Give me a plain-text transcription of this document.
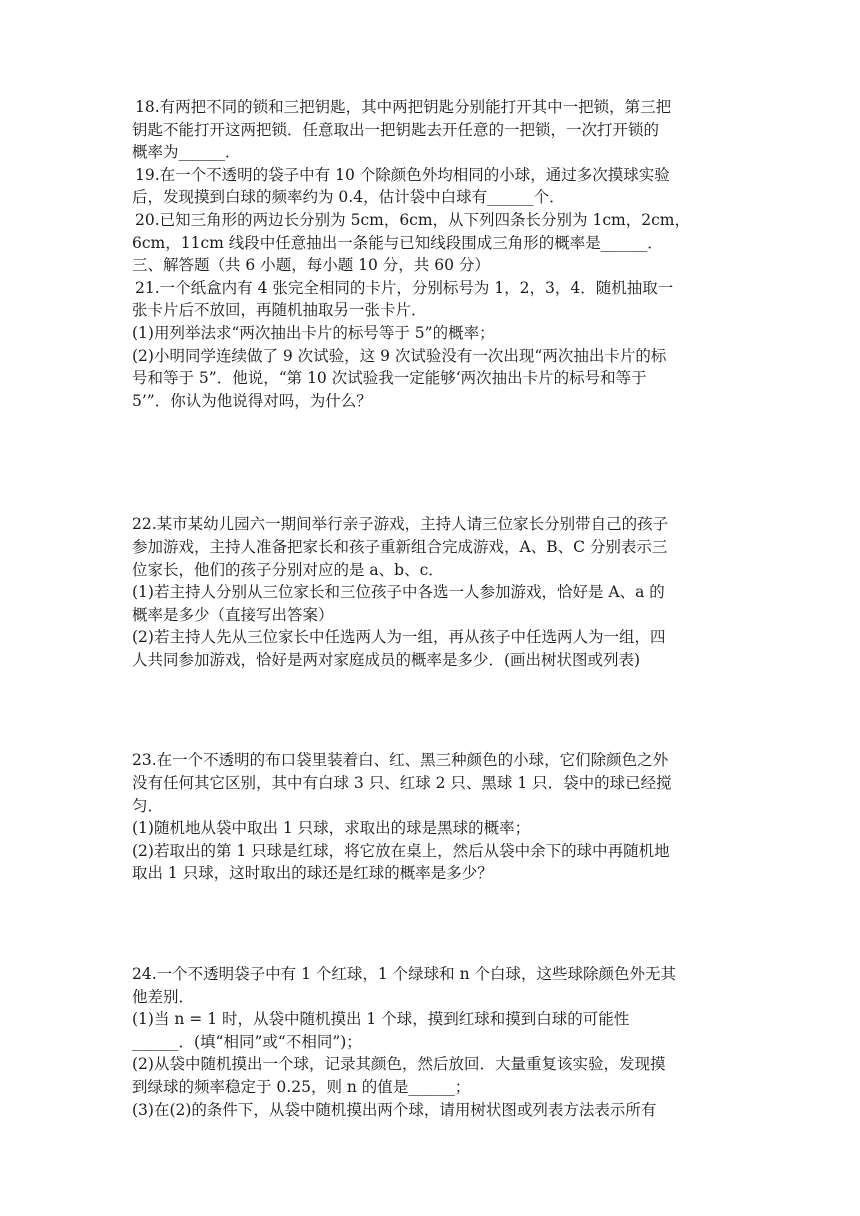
18.有两把不同的锁和三把钥匙，其中两把钥匙分别能打开其中一把锁，第三把
钥匙不能打开这两把锁．任意取出一把钥匙去开任意的一把锁，一次打开锁的
概率为______．
19.在一个不透明的袋子中有 10 个除颜色外均相同的小球，通过多次摸球实验
后，发现摸到白球的频率约为 0.4，估计袋中白球有______个．
20.已知三角形的两边长分别为 5cm，6cm，从下列四条长分别为 1cm，2cm，
6cm，11cm 线段中任意抽出一条能与已知线段围成三角形的概率是______．
三、解答题（共 6 小题，每小题 10 分，共 60 分）
21.一个纸盒内有 4 张完全相同的卡片，分别标号为 1，2，3，4．随机抽取一
张卡片后不放回，再随机抽取另一张卡片．
(1)用列举法求“两次抽出卡片的标号等于 5”的概率；
(2)小明同学连续做了 9 次试验，这 9 次试验没有一次出现“两次抽出卡片的标
号和等于 5”．他说，“第 10 次试验我一定能够‘两次抽出卡片的标号和等于
5’”．你认为他说得对吗，为什么？
22.某市某幼儿园六一期间举行亲子游戏，主持人请三位家长分别带自己的孩子
参加游戏，主持人准备把家长和孩子重新组合完成游戏，A、B、C 分别表示三
位家长，他们的孩子分别对应的是 a、b、c．
(1)若主持人分别从三位家长和三位孩子中各选一人参加游戏，恰好是 A、a 的
概率是多少（直接写出答案）
(2)若主持人先从三位家长中任选两人为一组，再从孩子中任选两人为一组，四
人共同参加游戏，恰好是两对家庭成员的概率是多少．(画出树状图或列表)
23.在一个不透明的布口袋里装着白、红、黑三种颜色的小球，它们除颜色之外
没有任何其它区别，其中有白球 3 只、红球 2 只、黑球 1 只．袋中的球已经搅
匀．
(1)随机地从袋中取出 1 只球，求取出的球是黑球的概率；
(2)若取出的第 1 只球是红球，将它放在桌上，然后从袋中余下的球中再随机地
取出 1 只球，这时取出的球还是红球的概率是多少？
24.一个不透明袋子中有 1 个红球，1 个绿球和 n 个白球，这些球除颜色外无其
他差别．
(1)当 n = 1 时，从袋中随机摸出 1 个球，摸到红球和摸到白球的可能性
______．(填“相同”或“不相同”)；
(2)从袋中随机摸出一个球，记录其颜色，然后放回．大量重复该实验，发现摸
到绿球的频率稳定于 0.25，则 n 的值是______；
(3)在(2)的条件下，从袋中随机摸出两个球，请用树状图或列表方法表示所有
